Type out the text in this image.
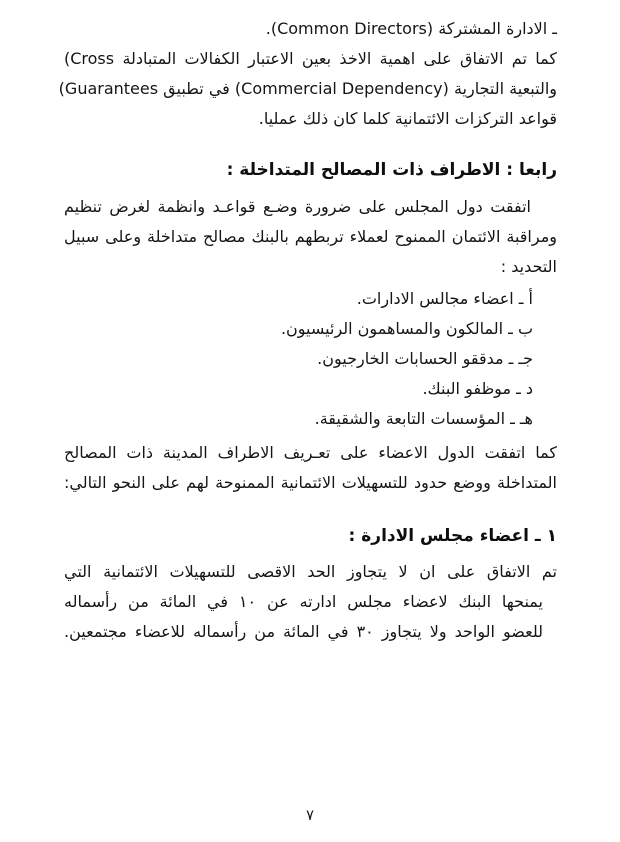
ـ الادارة المشتركة (Common Directors).
كما تم الاتفاق على اهمية الاخذ بعين الاعتبار الكفالات المتبادلة ‎(Cross
والتبعية التجارية (Commercial Dependency) في تطبيق ‎(Guarantees
قواعد التركزات الائتمانية كلما كان ذلك عمليا.

رابعا : الاطراف ذات المصالح المتداخلة :

اتفقت دول المجلس على ضرورة وضـع قواعـد وانظمة لغرض تنظيم
ومراقبة الائتمان الممنوح لعملاء تربطهم بالبنك مصالح متداخلة وعلى سبيل
التحديد :

أ ـ اعضاء مجالس الادارات.
ب ـ المالكون والمساهمون الرئيسيون.
جـ ـ مدققو الحسابات الخارجيون.
د ـ موظفو البنك.
هـ ـ المؤسسات التابعة والشقيقة.

كما اتفقت الدول الاعضاء على تعـريف الاطراف المدينة ذات المصالح
المتداخلة ووضع حدود للتسهيلات الائتمانية الممنوحة لهم على النحو التالي:

١ ـ اعضاء مجلس الادارة :

تم الاتفاق على ان لا يتجاوز الحد الاقصى للتسهيلات الائتمانية التي
يمنحها البنك لاعضاء مجلس ادارته عن ١٠ في المائة من رأسماله
للعضو الواحد ولا يتجاوز ٣٠ في المائة من رأسماله للاعضاء مجتمعين.

٧
